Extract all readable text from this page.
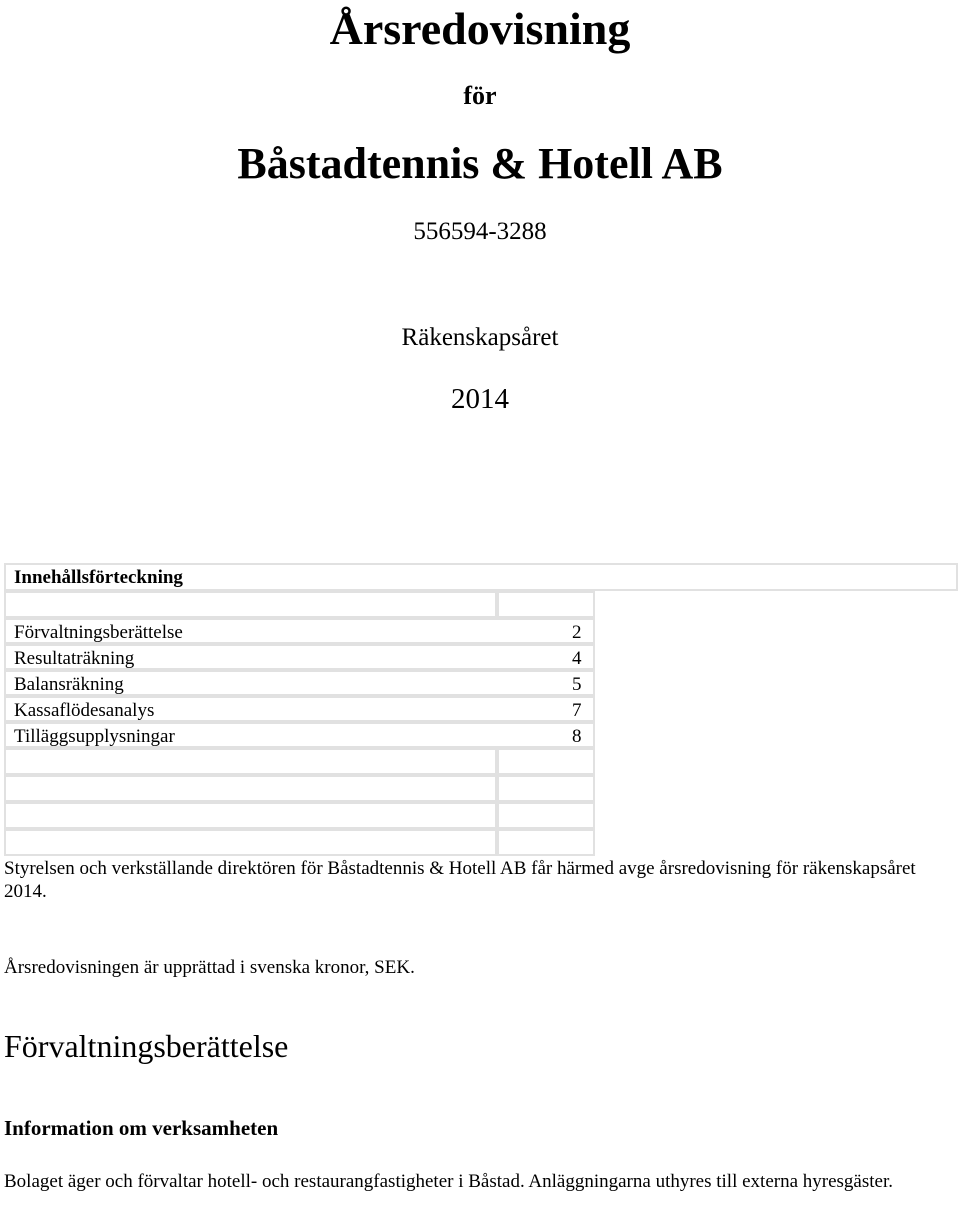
Årsredovisning
för
Båstadtennis & Hotell AB
556594-3288
Räkenskapsåret
2014
Innehållsförteckning
Förvaltningsberättelse	2
Resultaträkning	4
Balansräkning	5
Kassaflödesanalys	7
Tilläggsupplysningar	8
Styrelsen och verkställande direktören för Båstadtennis & Hotell AB får härmed avge årsredovisning för räkenskapsåret 2014.
Årsredovisningen är upprättad i svenska kronor, SEK.
Förvaltningsberättelse
Information om verksamheten
Bolaget äger och förvaltar hotell- och restaurangfastigheter i Båstad. Anläggningarna uthyres till externa hyresgäster.
